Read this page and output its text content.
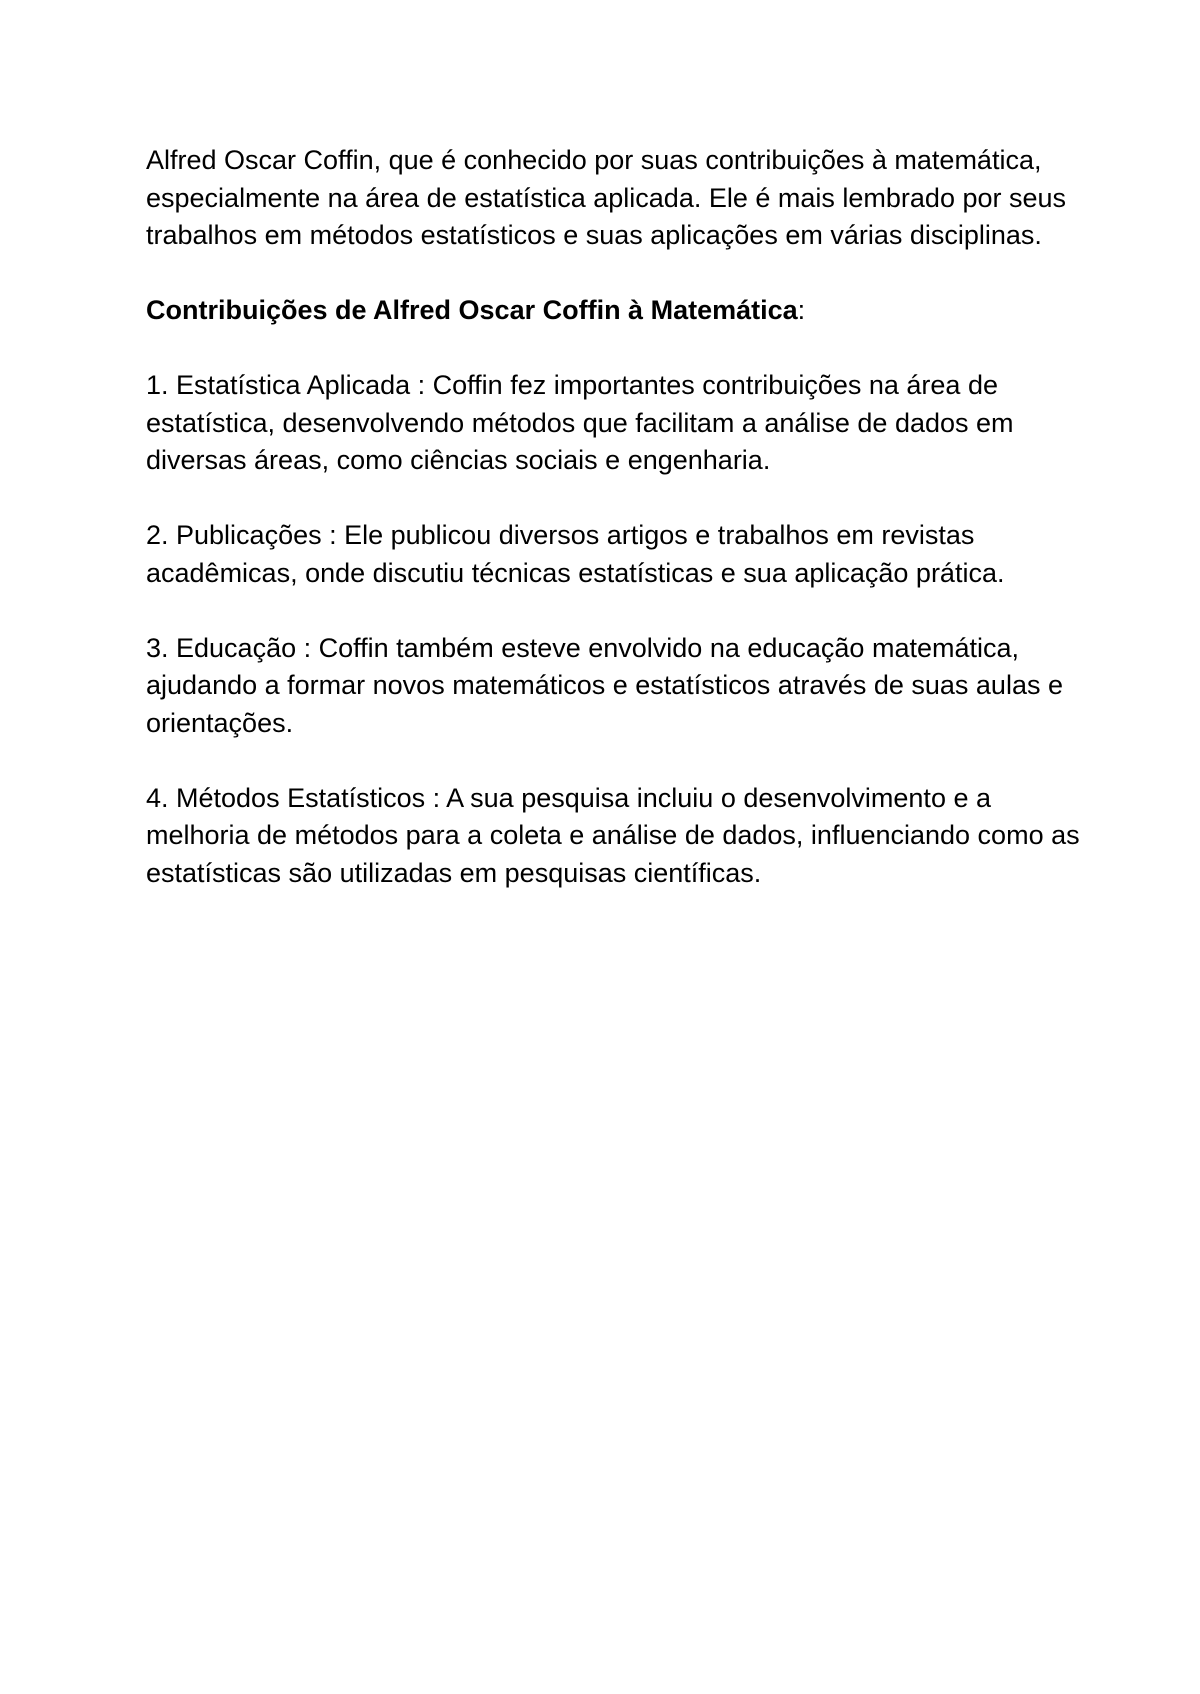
Alfred Oscar Coffin, que é conhecido por suas contribuições à matemática, especialmente na área de estatística aplicada. Ele é mais lembrado por seus trabalhos em métodos estatísticos e suas aplicações em várias disciplinas.

Contribuições de Alfred Oscar Coffin à Matemática:

1. Estatística Aplicada : Coffin fez importantes contribuições na área de estatística, desenvolvendo métodos que facilitam a análise de dados em diversas áreas, como ciências sociais e engenharia.

2. Publicações : Ele publicou diversos artigos e trabalhos em revistas acadêmicas, onde discutiu técnicas estatísticas e sua aplicação prática.

3. Educação : Coffin também esteve envolvido na educação matemática, ajudando a formar novos matemáticos e estatísticos através de suas aulas e orientações.

4. Métodos Estatísticos : A sua pesquisa incluiu o desenvolvimento e a melhoria de métodos para a coleta e análise de dados, influenciando como as estatísticas são utilizadas em pesquisas científicas.
